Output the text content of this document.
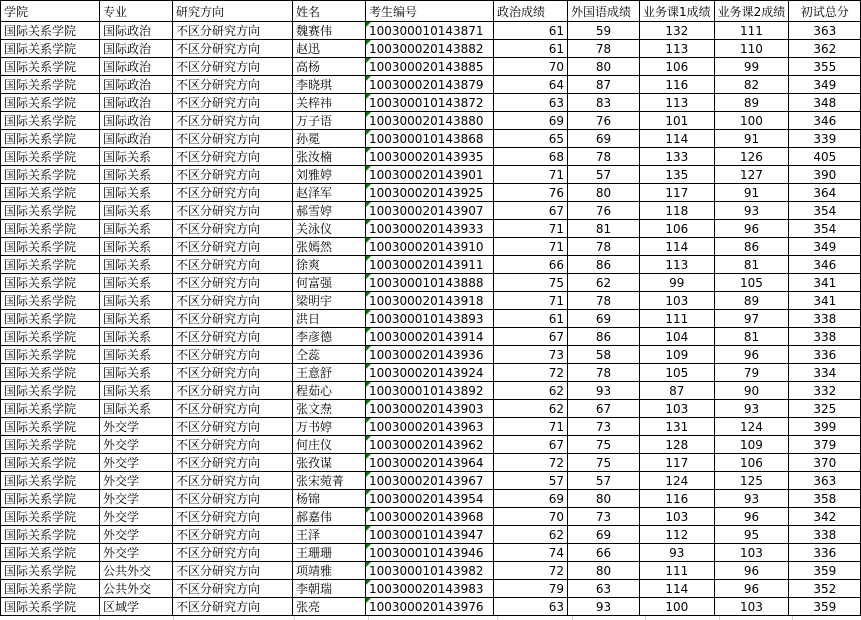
学院	专业	研究方向	姓名	考生编号	政治成绩	外国语成绩	业务课1成绩	业务课2成绩	初试总分
国际关系学院	国际政治	不区分研究方向	魏赛伟	100300010143871	61	59	132	111	363
国际关系学院	国际政治	不区分研究方向	赵迅	100300020143882	61	78	113	110	362
国际关系学院	国际政治	不区分研究方向	高杨	100300020143885	70	80	106	99	355
国际关系学院	国际政治	不区分研究方向	李晓琪	100300020143879	64	87	116	82	349
国际关系学院	国际政治	不区分研究方向	关梓祎	100300010143872	63	83	113	89	348
国际关系学院	国际政治	不区分研究方向	万子语	100300020143880	69	76	101	100	346
国际关系学院	国际政治	不区分研究方向	孙冕	100300010143868	65	69	114	91	339
国际关系学院	国际关系	不区分研究方向	张汝楠	100300020143935	68	78	133	126	405
国际关系学院	国际关系	不区分研究方向	刘雅婷	100300020143901	71	57	135	127	390
国际关系学院	国际关系	不区分研究方向	赵泽军	100300020143925	76	80	117	91	364
国际关系学院	国际关系	不区分研究方向	郝雪婷	100300020143907	67	76	118	93	354
国际关系学院	国际关系	不区分研究方向	关泳仪	100300020143933	71	81	106	96	354
国际关系学院	国际关系	不区分研究方向	张嫣然	100300020143910	71	78	114	86	349
国际关系学院	国际关系	不区分研究方向	徐爽	100300020143911	66	86	113	81	346
国际关系学院	国际关系	不区分研究方向	何富强	100300010143888	75	62	99	105	341
国际关系学院	国际关系	不区分研究方向	梁明宇	100300020143918	71	78	103	89	341
国际关系学院	国际关系	不区分研究方向	洪日	100300010143893	61	69	111	97	338
国际关系学院	国际关系	不区分研究方向	李彦德	100300020143914	67	86	104	81	338
国际关系学院	国际关系	不区分研究方向	仝蕊	100300020143936	73	58	109	96	336
国际关系学院	国际关系	不区分研究方向	王意舒	100300020143924	72	78	105	79	334
国际关系学院	国际关系	不区分研究方向	程茹心	100300010143892	62	93	87	90	332
国际关系学院	国际关系	不区分研究方向	张文焘	100300020143903	62	67	103	93	325
国际关系学院	外交学	不区分研究方向	万书婷	100300020143963	71	73	131	124	399
国际关系学院	外交学	不区分研究方向	何庄仪	100300020143962	67	75	128	109	379
国际关系学院	外交学	不区分研究方向	张孜谋	100300020143964	72	75	117	106	370
国际关系学院	外交学	不区分研究方向	张宋菀菁	100300020143967	57	57	124	125	363
国际关系学院	外交学	不区分研究方向	杨锦	100300020143954	69	80	116	93	358
国际关系学院	外交学	不区分研究方向	郝嘉伟	100300020143968	70	73	103	96	342
国际关系学院	外交学	不区分研究方向	王泽	100300010143947	62	69	112	95	338
国际关系学院	外交学	不区分研究方向	王珊珊	100300010143946	74	66	93	103	336
国际关系学院	公共外交	不区分研究方向	项靖雅	100300010143982	72	80	111	96	359
国际关系学院	公共外交	不区分研究方向	李朝瑞	100300020143983	79	63	114	96	352
国际关系学院	区域学	不区分研究方向	张亮	100300020143976	63	93	100	103	359
